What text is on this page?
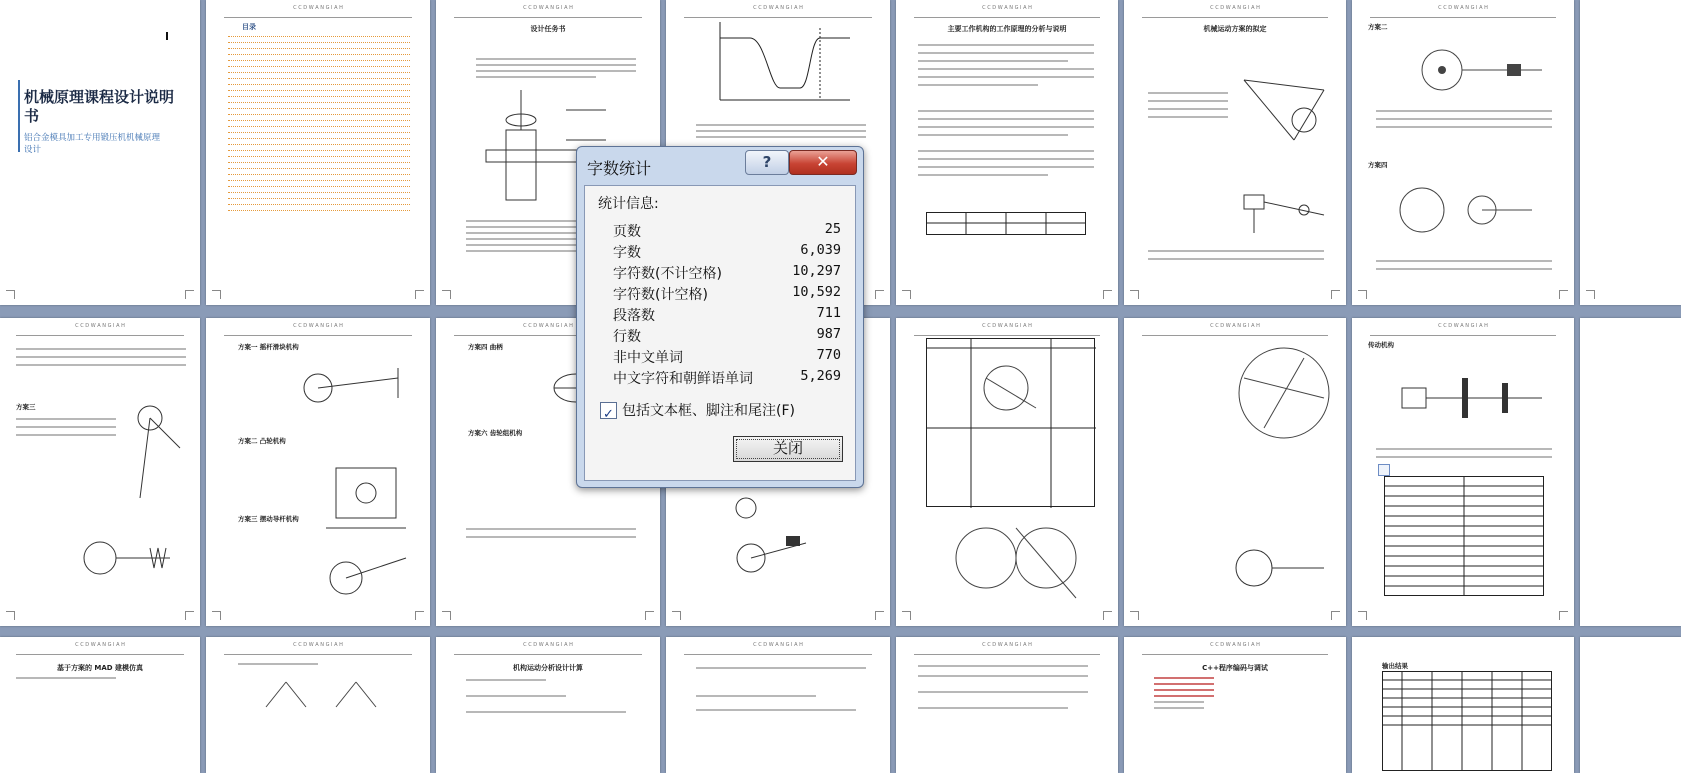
机械原理课程设计说明书
铝合金模具加工专用锻压机机械原理设计
C C D W A N G I A H
目录
C C D W A N G I A H
设计任务书
C C D W A N G I A H	C C D W A N G I A H
主要工作机构的工作原理的分析与说明
C C D W A N G I A H
机械运动方案的拟定
C C D W A N G I A H
方案二
方案四
C C D W A N G I A H
方案三
C C D W A N G I A H
方案一 摇杆滑块机构
方案二 凸轮机构
方案三 摆动导杆机构
C C D W A N G I A H
方案四 曲柄
方案六 齿轮组机构
C C D W A N G I A H	C C D W A N G I A H	C C D W A N G I A H
传动机构
C C D W A N G I A H
基于方案的 MAD 建模仿真
C C D W A N G I A H	C C D W A N G I A H
机构运动分析设计计算
C C D W A N G I A H	C C D W A N G I A H	C C D W A N G I A H
C++程序编码与调试	输出结果
字数统计	?	✕
统计信息:
页数	25
字数	6,039
字符数(不计空格)	10,297
字符数(计空格)	10,592
段落数	711
行数	987
非中文单词	770
中文字符和朝鲜语单词	5,269
✓ 包括文本框、脚注和尾注(F)
关闭
